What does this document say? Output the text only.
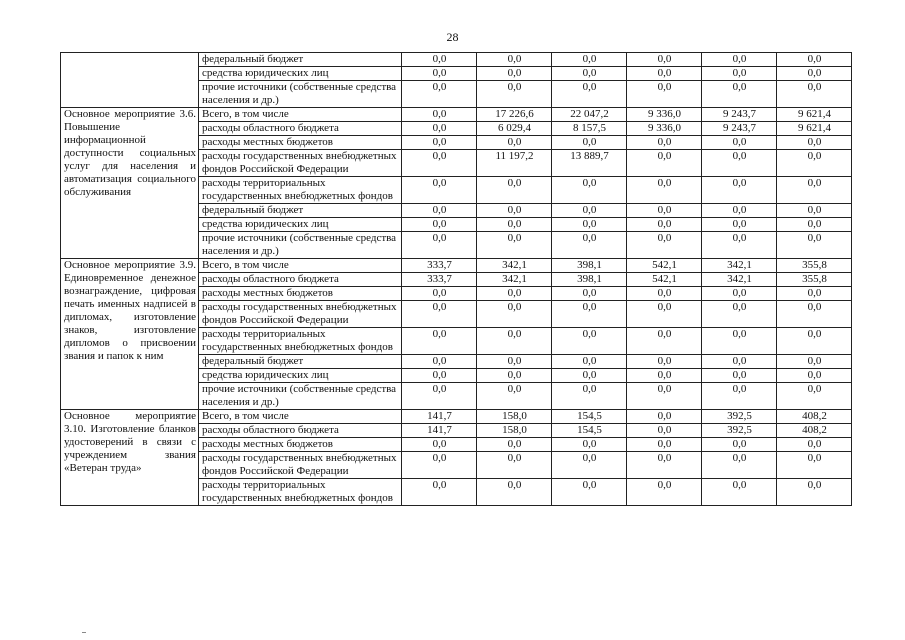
28
	федеральный бюджет	0,0	0,0	0,0	0,0	0,0	0,0
	средства юридических лиц	0,0	0,0	0,0	0,0	0,0	0,0
	прочие источники (собственные средства населения и др.)	0,0	0,0	0,0	0,0	0,0	0,0

Основное мероприятие 3.6. Повышение информационной доступности социальных услуг для населения и автоматизация социального обслуживания	Всего, в том числе	0,0	17 226,6	22 047,2	9 336,0	9 243,7	9 621,4
	расходы областного бюджета	0,0	6 029,4	8 157,5	9 336,0	9 243,7	9 621,4
	расходы местных бюджетов	0,0	0,0	0,0	0,0	0,0	0,0
	расходы государственных внебюджетных фондов Российской Федерации	0,0	11 197,2	13 889,7	0,0	0,0	0,0
	расходы территориальных государственных внебюджетных фондов	0,0	0,0	0,0	0,0	0,0	0,0
	федеральный бюджет	0,0	0,0	0,0	0,0	0,0	0,0
	средства юридических лиц	0,0	0,0	0,0	0,0	0,0	0,0
	прочие источники (собственные средства населения и др.)	0,0	0,0	0,0	0,0	0,0	0,0

Основное мероприятие 3.9. Единовременное денежное вознаграждение, цифровая печать именных надписей в дипломах, изготовление знаков, изготовление дипломов о присвоении звания и папок к ним	Всего, в том числе	333,7	342,1	398,1	542,1	342,1	355,8
	расходы областного бюджета	333,7	342,1	398,1	542,1	342,1	355,8
	расходы местных бюджетов	0,0	0,0	0,0	0,0	0,0	0,0
	расходы государственных внебюджетных фондов Российской Федерации	0,0	0,0	0,0	0,0	0,0	0,0
	расходы территориальных государственных внебюджетных фондов	0,0	0,0	0,0	0,0	0,0	0,0
	федеральный бюджет	0,0	0,0	0,0	0,0	0,0	0,0
	средства юридических лиц	0,0	0,0	0,0	0,0	0,0	0,0
	прочие источники (собственные средства населения и др.)	0,0	0,0	0,0	0,0	0,0	0,0

Основное мероприятие 3.10. Изготовление бланков удостоверений в связи с учреждением звания «Ветеран труда»	Всего, в том числе	141,7	158,0	154,5	0,0	392,5	408,2
	расходы областного бюджета	141,7	158,0	154,5	0,0	392,5	408,2
	расходы местных бюджетов	0,0	0,0	0,0	0,0	0,0	0,0
	расходы государственных внебюджетных фондов Российской Федерации	0,0	0,0	0,0	0,0	0,0	0,0
	расходы территориальных государственных внебюджетных фондов	0,0	0,0	0,0	0,0	0,0	0,0
